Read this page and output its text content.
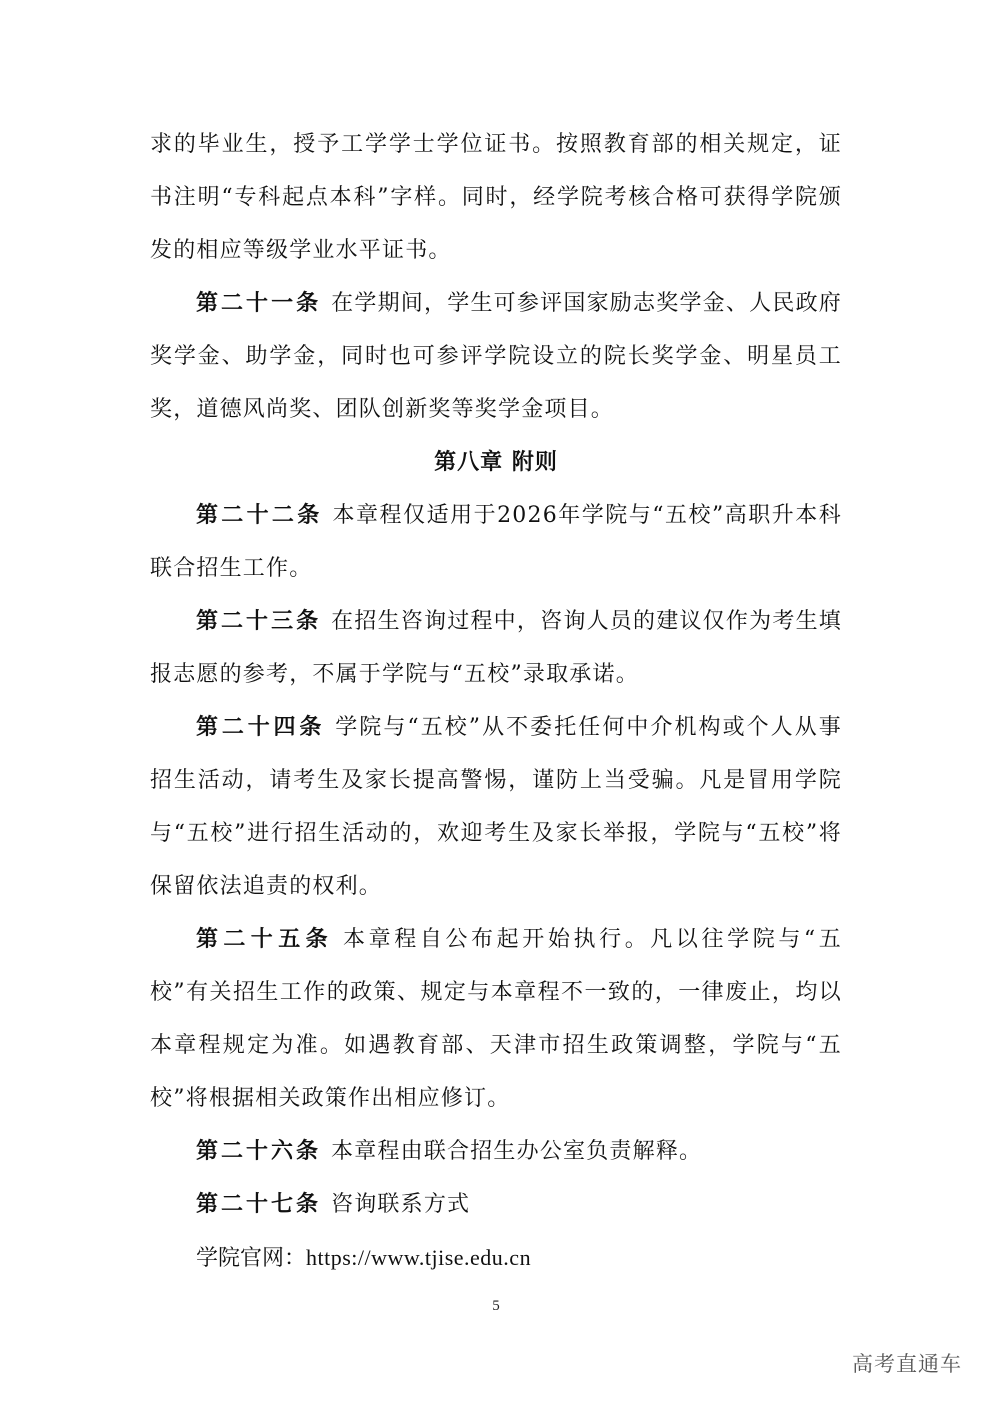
求的毕业生，授予工学学士学位证书。按照教育部的相关规定，证书注明“专科起点本科”字样。同时，经学院考核合格可获得学院颁发的相应等级学业水平证书。

第二十一条 在学期间，学生可参评国家励志奖学金、人民政府奖学金、助学金，同时也可参评学院设立的院长奖学金、明星员工奖，道德风尚奖、团队创新奖等奖学金项目。

第八章 附则

第二十二条 本章程仅适用于2026年学院与“五校”高职升本科联合招生工作。

第二十三条 在招生咨询过程中，咨询人员的建议仅作为考生填报志愿的参考，不属于学院与“五校”录取承诺。

第二十四条 学院与“五校”从不委托任何中介机构或个人从事招生活动，请考生及家长提高警惕，谨防上当受骗。凡是冒用学院与“五校”进行招生活动的，欢迎考生及家长举报，学院与“五校”将保留依法追责的权利。

第二十五条 本章程自公布起开始执行。凡以往学院与“五校”有关招生工作的政策、规定与本章程不一致的，一律废止，均以本章程规定为准。如遇教育部、天津市招生政策调整，学院与“五校”将根据相关政策作出相应修订。

第二十六条 本章程由联合招生办公室负责解释。

第二十七条 咨询联系方式

学院官网：https://www.tjise.edu.cn

5
高考直通车
